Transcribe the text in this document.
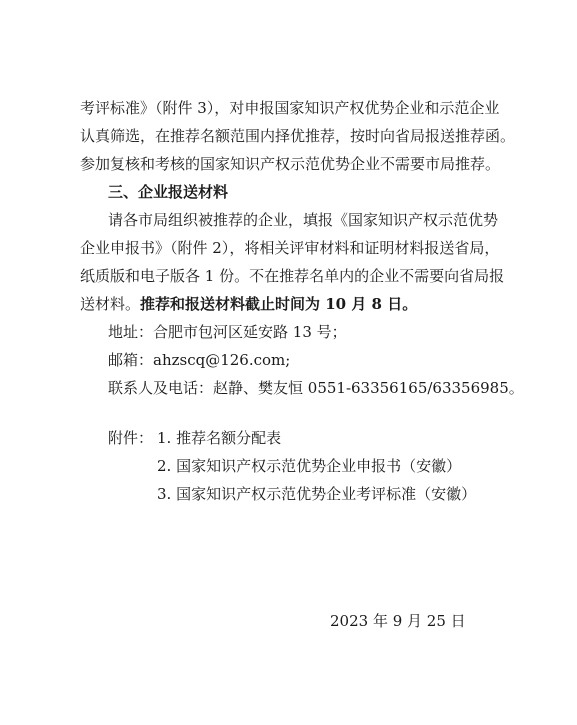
考评标准》（附件 3），对申报国家知识产权优势企业和示范企业
认真筛选，在推荐名额范围内择优推荐，按时向省局报送推荐函。
参加复核和考核的国家知识产权示范优势企业不需要市局推荐。
三、企业报送材料
请各市局组织被推荐的企业，填报《国家知识产权示范优势
企业申报书》（附件 2），将相关评审材料和证明材料报送省局，
纸质版和电子版各 1 份。不在推荐名单内的企业不需要向省局报
送材料。推荐和报送材料截止时间为 10 月 8 日。
地址：合肥市包河区延安路 13 号；
邮箱：ahzscq@126.com;
联系人及电话：赵静、樊友恒 0551-63356165/63356985。
附件： 1. 推荐名额分配表
2. 国家知识产权示范优势企业申报书（安徽）
3. 国家知识产权示范优势企业考评标准（安徽）
2023 年 9 月 25 日
